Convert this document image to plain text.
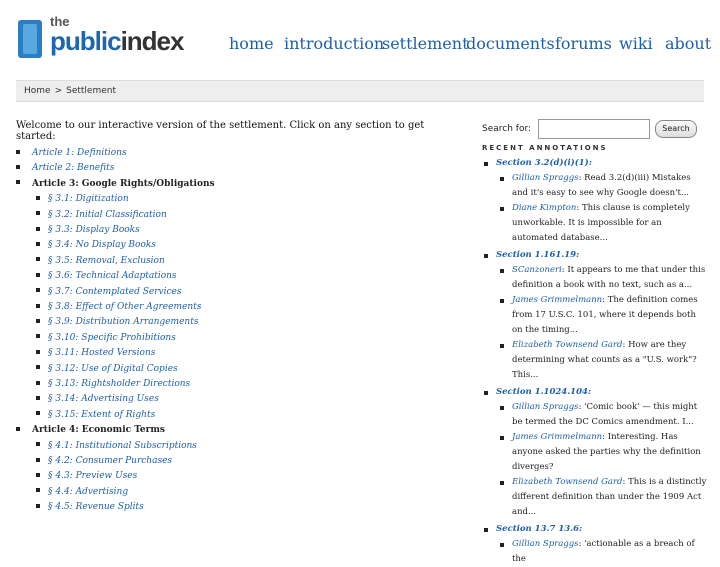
the
publicindex	home introduction
settlement
documents forums wiki about
Home > Settlement
Welcome to our interactive version of the settlement. Click on any section to get started:
Article 1: Definitions
Article 2: Benefits
Article 3: Google Rights/Obligations
§ 3.1: Digitization
§ 3.2: Initial Classification
§ 3.3: Display Books
§ 3.4: No Display Books
§ 3.5: Removal, Exclusion
§ 3.6: Technical Adaptations
§ 3.7: Contemplated Services
§ 3.8: Effect of Other Agreements
§ 3.9: Distribution Arrangements
§ 3.10: Specific Prohibitions
§ 3.11: Hosted Versions
§ 3.12: Use of Digital Copies
§ 3.13: Rightsholder Directions
§ 3.14: Advertising Uses
§ 3.15: Extent of Rights
Article 4: Economic Terms
§ 4.1: Institutional Subscriptions
§ 4.2: Consumer Purchases
§ 4.3: Preview Uses
§ 4.4: Advertising
§ 4.5: Revenue Splits
Search for:	Search
RECENT ANNOTATIONS
Section 3.2(d)(i)(1):
Gillian Spraggs: Read 3.2(d)(iii) Mistakes and it's easy to see why Google doesn't...
Diane Kimpton: This clause is completely unworkable. It is impossible for an automated database...
Section 1.161.19:
SCanzoneri: It appears to me that under this definition a book with no text, such as a...
James Grimmelmann: The definition comes from 17 U.S.C. 101, where it depends both on the timing...
Elizabeth Townsend Gard: How are they determining what counts as a "U.S. work"? This...
Section 1.1024.104:
Gillian Spraggs: 'Comic book' — this might be termed the DC Comics amendment. I...
James Grimmelmann: Interesting. Has anyone asked the parties why the definition diverges?
Elizabeth Townsend Gard: This is a distinctly different definition than under the 1909 Act and...
Section 13.7 13.6:
Gillian Spraggs: 'actionable as a breach of the
